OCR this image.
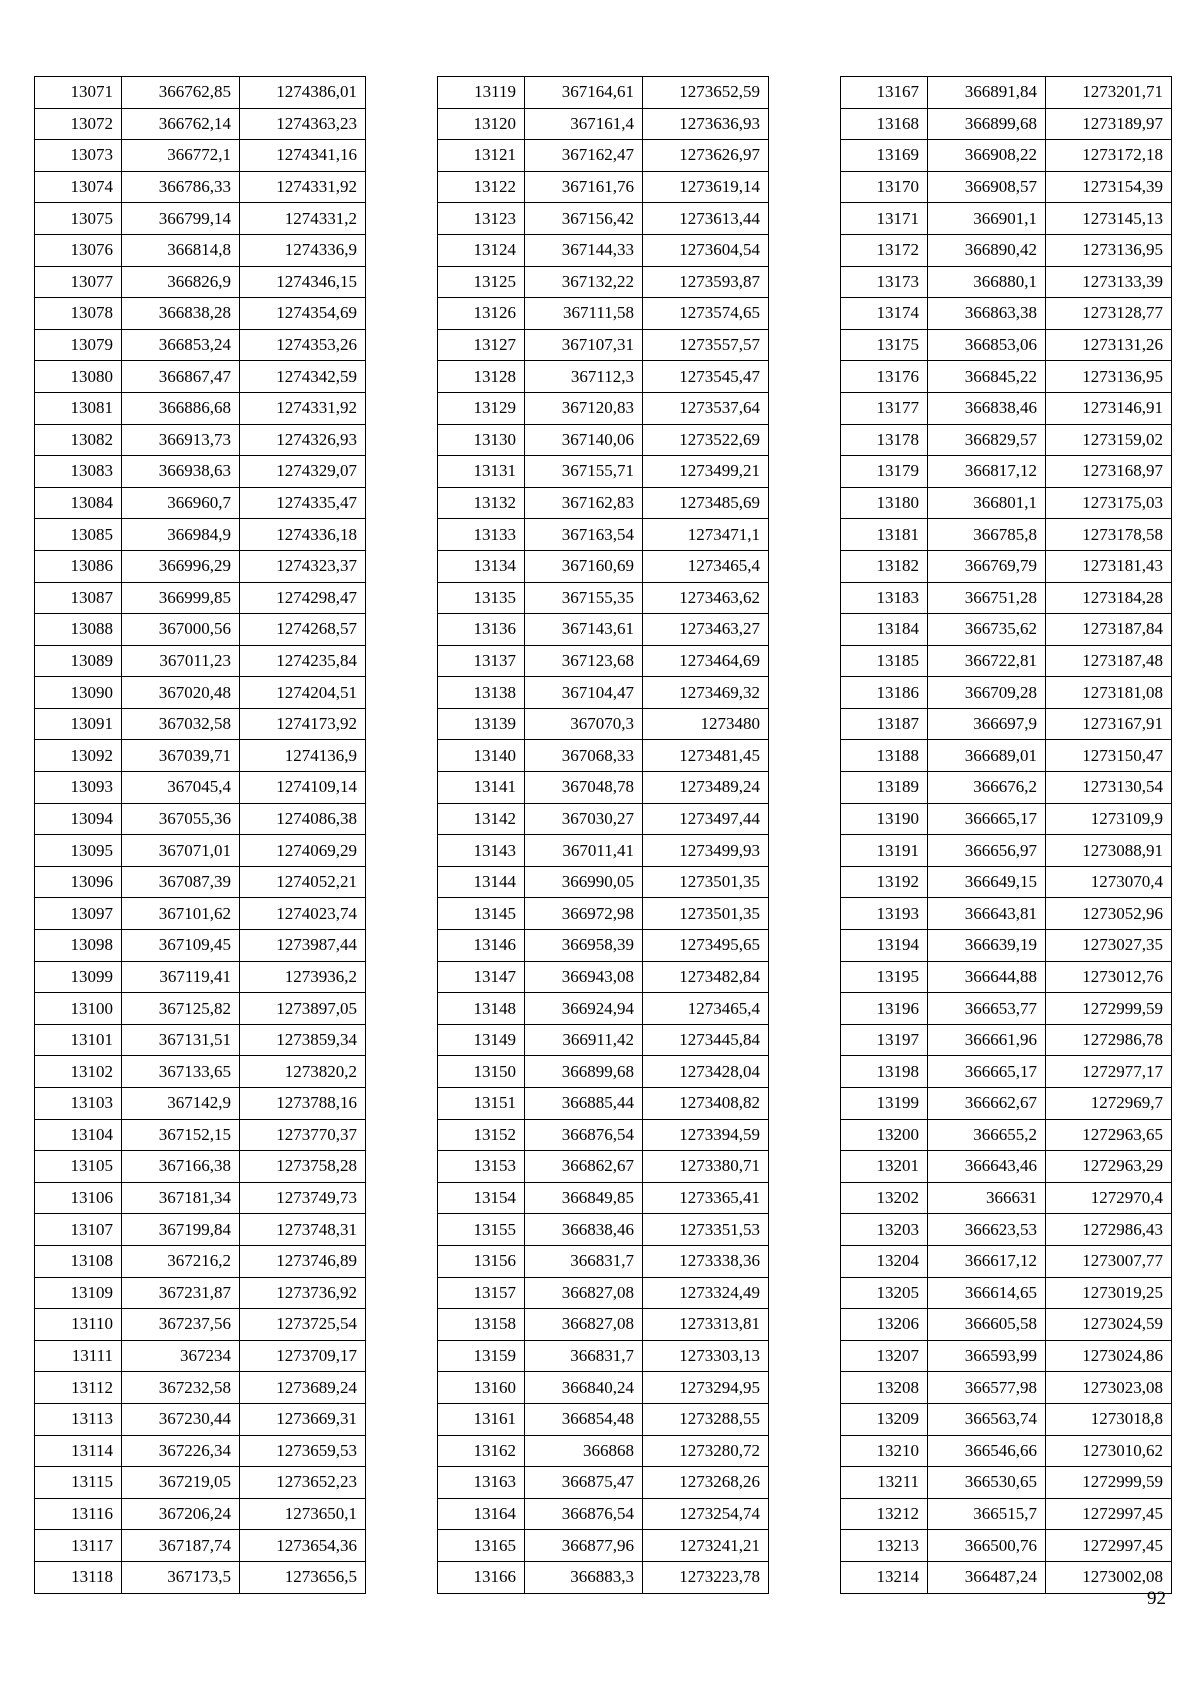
13071	366762,85	1274386,01
13072	366762,14	1274363,23
13073	366772,1	1274341,16
13074	366786,33	1274331,92
13075	366799,14	1274331,2
13076	366814,8	1274336,9
13077	366826,9	1274346,15
13078	366838,28	1274354,69
13079	366853,24	1274353,26
13080	366867,47	1274342,59
13081	366886,68	1274331,92
13082	366913,73	1274326,93
13083	366938,63	1274329,07
13084	366960,7	1274335,47
13085	366984,9	1274336,18
13086	366996,29	1274323,37
13087	366999,85	1274298,47
13088	367000,56	1274268,57
13089	367011,23	1274235,84
13090	367020,48	1274204,51
13091	367032,58	1274173,92
13092	367039,71	1274136,9
13093	367045,4	1274109,14
13094	367055,36	1274086,38
13095	367071,01	1274069,29
13096	367087,39	1274052,21
13097	367101,62	1274023,74
13098	367109,45	1273987,44
13099	367119,41	1273936,2
13100	367125,82	1273897,05
13101	367131,51	1273859,34
13102	367133,65	1273820,2
13103	367142,9	1273788,16
13104	367152,15	1273770,37
13105	367166,38	1273758,28
13106	367181,34	1273749,73
13107	367199,84	1273748,31
13108	367216,2	1273746,89
13109	367231,87	1273736,92
13110	367237,56	1273725,54
13111	367234	1273709,17
13112	367232,58	1273689,24
13113	367230,44	1273669,31
13114	367226,34	1273659,53
13115	367219,05	1273652,23
13116	367206,24	1273650,1
13117	367187,74	1273654,36
13118	367173,5	1273656,5
13119	367164,61	1273652,59
13120	367161,4	1273636,93
13121	367162,47	1273626,97
13122	367161,76	1273619,14
13123	367156,42	1273613,44
13124	367144,33	1273604,54
13125	367132,22	1273593,87
13126	367111,58	1273574,65
13127	367107,31	1273557,57
13128	367112,3	1273545,47
13129	367120,83	1273537,64
13130	367140,06	1273522,69
13131	367155,71	1273499,21
13132	367162,83	1273485,69
13133	367163,54	1273471,1
13134	367160,69	1273465,4
13135	367155,35	1273463,62
13136	367143,61	1273463,27
13137	367123,68	1273464,69
13138	367104,47	1273469,32
13139	367070,3	1273480
13140	367068,33	1273481,45
13141	367048,78	1273489,24
13142	367030,27	1273497,44
13143	367011,41	1273499,93
13144	366990,05	1273501,35
13145	366972,98	1273501,35
13146	366958,39	1273495,65
13147	366943,08	1273482,84
13148	366924,94	1273465,4
13149	366911,42	1273445,84
13150	366899,68	1273428,04
13151	366885,44	1273408,82
13152	366876,54	1273394,59
13153	366862,67	1273380,71
13154	366849,85	1273365,41
13155	366838,46	1273351,53
13156	366831,7	1273338,36
13157	366827,08	1273324,49
13158	366827,08	1273313,81
13159	366831,7	1273303,13
13160	366840,24	1273294,95
13161	366854,48	1273288,55
13162	366868	1273280,72
13163	366875,47	1273268,26
13164	366876,54	1273254,74
13165	366877,96	1273241,21
13166	366883,3	1273223,78
13167	366891,84	1273201,71
13168	366899,68	1273189,97
13169	366908,22	1273172,18
13170	366908,57	1273154,39
13171	366901,1	1273145,13
13172	366890,42	1273136,95
13173	366880,1	1273133,39
13174	366863,38	1273128,77
13175	366853,06	1273131,26
13176	366845,22	1273136,95
13177	366838,46	1273146,91
13178	366829,57	1273159,02
13179	366817,12	1273168,97
13180	366801,1	1273175,03
13181	366785,8	1273178,58
13182	366769,79	1273181,43
13183	366751,28	1273184,28
13184	366735,62	1273187,84
13185	366722,81	1273187,48
13186	366709,28	1273181,08
13187	366697,9	1273167,91
13188	366689,01	1273150,47
13189	366676,2	1273130,54
13190	366665,17	1273109,9
13191	366656,97	1273088,91
13192	366649,15	1273070,4
13193	366643,81	1273052,96
13194	366639,19	1273027,35
13195	366644,88	1273012,76
13196	366653,77	1272999,59
13197	366661,96	1272986,78
13198	366665,17	1272977,17
13199	366662,67	1272969,7
13200	366655,2	1272963,65
13201	366643,46	1272963,29
13202	366631	1272970,4
13203	366623,53	1272986,43
13204	366617,12	1273007,77
13205	366614,65	1273019,25
13206	366605,58	1273024,59
13207	366593,99	1273024,86
13208	366577,98	1273023,08
13209	366563,74	1273018,8
13210	366546,66	1273010,62
13211	366530,65	1272999,59
13212	366515,7	1272997,45
13213	366500,76	1272997,45
13214	366487,24	1273002,08
92
